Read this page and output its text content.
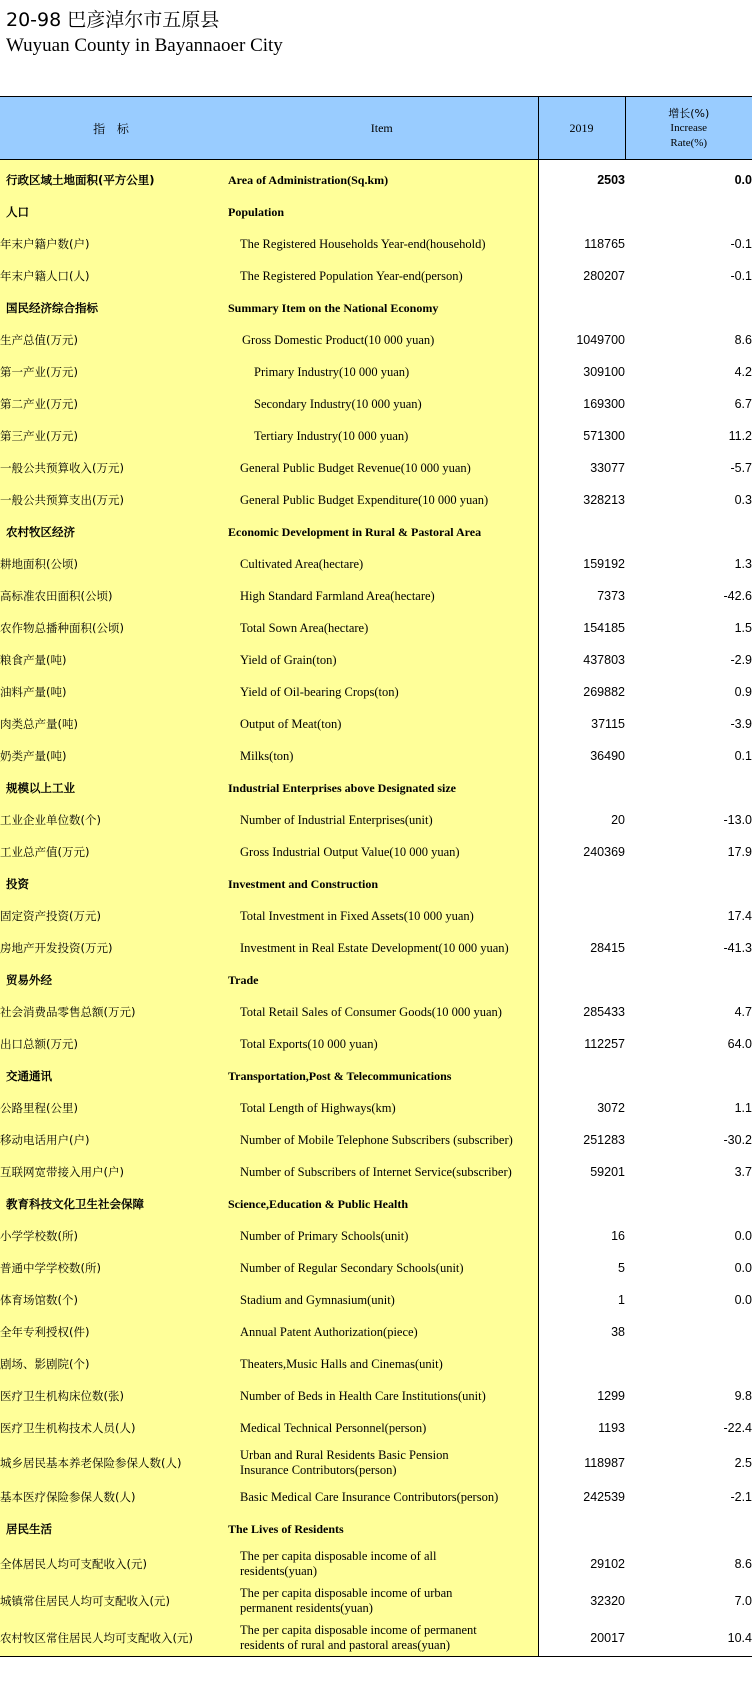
20-98 巴彦淖尔市五原县
Wuyuan County in Bayannaoer City
指 标	Item	2019	增长(%)
Increase
Rate(%)

行政区域土地面积(平方公里)	Area of Administration(Sq.km)	2503	0.0
人口	Population		
年末户籍户数(户)	The Registered Households Year-end(household)	118765	-0.1
年末户籍人口(人)	The Registered Population Year-end(person)	280207	-0.1
国民经济综合指标	Summary Item on the National Economy		
生产总值(万元)	Gross Domestic Product(10 000 yuan)	1049700	8.6
第一产业(万元)	Primary Industry(10 000 yuan)	309100	4.2
第二产业(万元)	Secondary Industry(10 000 yuan)	169300	6.7
第三产业(万元)	Tertiary Industry(10 000 yuan)	571300	11.2
一般公共预算收入(万元)	General Public Budget Revenue(10 000 yuan)	33077	-5.7
一般公共预算支出(万元)	General Public Budget Expenditure(10 000 yuan)	328213	0.3
农村牧区经济	Economic Development in Rural & Pastoral Area		
耕地面积(公顷)	Cultivated Area(hectare)	159192	1.3
高标准农田面积(公顷)	High Standard Farmland Area(hectare)	7373	-42.6
农作物总播种面积(公顷)	Total Sown Area(hectare)	154185	1.5
粮食产量(吨)	Yield of Grain(ton)	437803	-2.9
油料产量(吨)	Yield of Oil-bearing Crops(ton)	269882	0.9
肉类总产量(吨)	Output of Meat(ton)	37115	-3.9
奶类产量(吨)	Milks(ton)	36490	0.1
规模以上工业	Industrial Enterprises above Designated size		
工业企业单位数(个)	Number of Industrial Enterprises(unit)	20	-13.0
工业总产值(万元)	Gross Industrial Output Value(10 000 yuan)	240369	17.9
投资	Investment and Construction		
固定资产投资(万元)	Total Investment in Fixed Assets(10 000 yuan)		17.4
房地产开发投资(万元)	Investment in Real Estate Development(10 000 yuan)	28415	-41.3
贸易外经	Trade		
社会消费品零售总额(万元)	Total Retail Sales of Consumer Goods(10 000 yuan)	285433	4.7
出口总额(万元)	Total Exports(10 000 yuan)	112257	64.0
交通通讯	Transportation,Post & Telecommunications		
公路里程(公里)	Total Length of Highways(km)	3072	1.1
移动电话用户(户)	Number of Mobile Telephone Subscribers (subscriber)	251283	-30.2
互联网宽带接入用户(户)	Number of Subscribers of Internet Service(subscriber)	59201	3.7
教育科技文化卫生社会保障	Science,Education & Public Health		
小学学校数(所)	Number of Primary Schools(unit)	16	0.0
普通中学学校数(所)	Number of Regular Secondary Schools(unit)	5	0.0
体育场馆数(个)	Stadium and Gymnasium(unit)	1	0.0
全年专利授权(件)	Annual Patent Authorization(piece)	38	
剧场、影剧院(个)	Theaters,Music Halls and Cinemas(unit)		
医疗卫生机构床位数(张)	Number of Beds in Health Care Institutions(unit)	1299	9.8
医疗卫生机构技术人员(人)	Medical Technical Personnel(person)	1193	-22.4
城乡居民基本养老保险参保人数(人)	Urban and Rural Residents Basic Pension Insurance Contributors(person)	118987	2.5
基本医疗保险参保人数(人)	Basic Medical Care Insurance Contributors(person)	242539	-2.1
居民生活	The Lives of Residents		
全体居民人均可支配收入(元)	The per capita disposable income of all residents(yuan)	29102	8.6
城镇常住居民人均可支配收入(元)	The per capita disposable income of urban permanent residents(yuan)	32320	7.0
农村牧区常住居民人均可支配收入(元)	The per capita disposable income of permanent residents of rural and pastoral areas(yuan)	20017	10.4
